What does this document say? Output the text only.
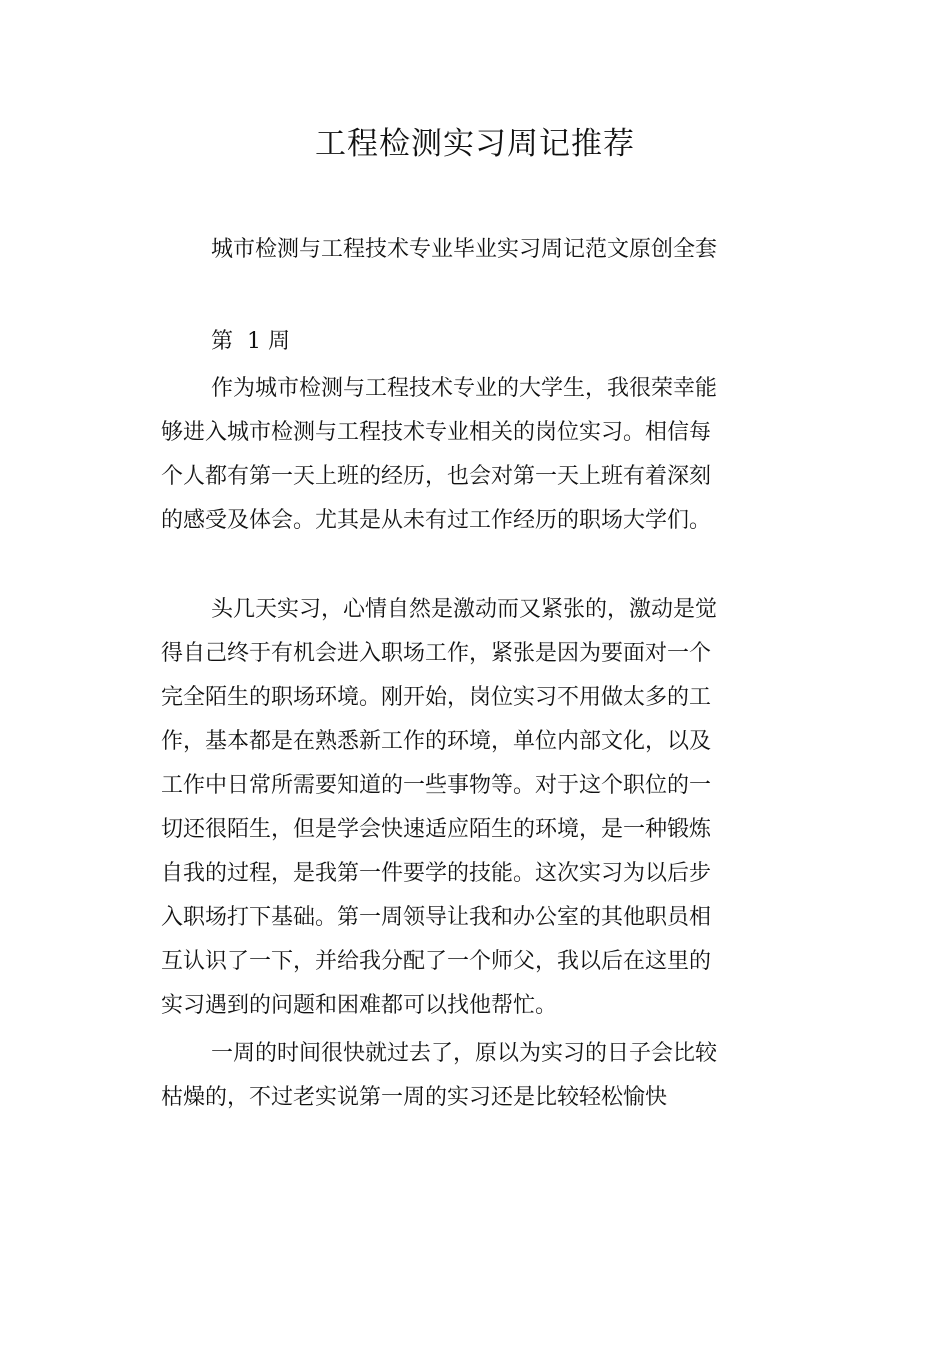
工程检测实习周记推荐

城市检测与工程技术专业毕业实习周记范文原创全套

第  1 周

作为城市检测与工程技术专业的大学生，我很荣幸能够进入城市检测与工程技术专业相关的岗位实习。相信每个人都有第一天上班的经历，也会对第一天上班有着深刻的感受及体会。尤其是从未有过工作经历的职场大学们。

头几天实习，心情自然是激动而又紧张的，激动是觉得自己终于有机会进入职场工作，紧张是因为要面对一个完全陌生的职场环境。刚开始，岗位实习不用做太多的工作，基本都是在熟悉新工作的环境，单位内部文化，以及工作中日常所需要知道的一些事物等。对于这个职位的一切还很陌生，但是学会快速适应陌生的环境，是一种锻炼自我的过程，是我第一件要学的技能。这次实习为以后步入职场打下基础。第一周领导让我和办公室的其他职员相互认识了一下，并给我分配了一个师父，我以后在这里的实习遇到的问题和困难都可以找他帮忙。

一周的时间很快就过去了，原以为实习的日子会比较枯燥的，不过老实说第一周的实习还是比较轻松愉快
